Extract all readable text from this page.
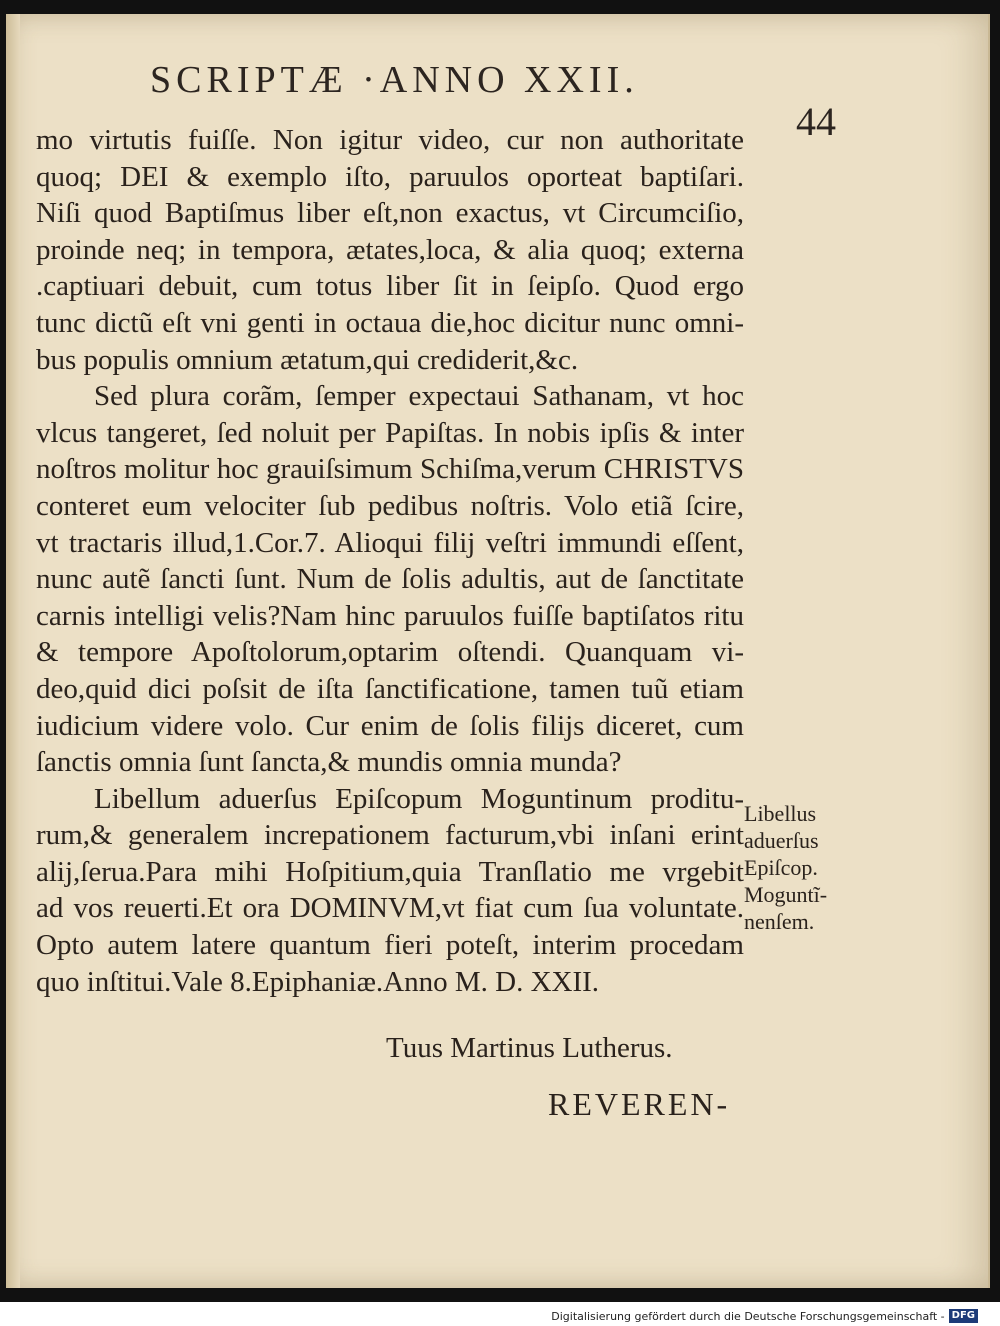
SCRIPTÆ ·ANNO XXII.
44
mo virtutis fuiſſe. Non igitur video, cur non authoritate
quoq; DEI & exemplo iſto, paruulos oporteat baptiſari.
Niſi quod Baptiſmus liber eſt,non exactus, vt Circumciſio,
proinde neq; in tempora, ætates,loca, & alia quoq; externa
.captiuari debuit, cum totus liber ſit in ſeipſo. Quod ergo
tunc dictũ eſt vni genti in octaua die,hoc dicitur nunc omni-
bus populis omnium ætatum,qui crediderit,&c.
Sed plura corãm, ſemper expectaui Sathanam, vt hoc
vlcus tangeret, ſed noluit per Papiſtas. In nobis ipſis & inter
noſtros molitur hoc grauiſsimum Schiſma,verum CHRISTVS
conteret eum velociter ſub pedibus noſtris. Volo etiã ſcire,
vt tractaris illud,1.Cor.7. Alioqui filij veſtri immundi eſſent,
nunc autẽ ſancti ſunt. Num de ſolis adultis, aut de ſanctitate
carnis intelligi velis?Nam hinc paruulos fuiſſe baptiſatos ritu
& tempore Apoſtolorum,optarim oſtendi. Quanquam vi-
deo,quid dici poſsit de iſta ſanctificatione, tamen tuũ etiam
iudicium videre volo. Cur enim de ſolis filijs diceret, cum
ſanctis omnia ſunt ſancta,& mundis omnia munda?
Libellum aduerſus Epiſcopum Moguntinum proditu-
rum,& generalem increpationem facturum,vbi inſani erint
alij,ſerua.Para mihi Hoſpitium,quia Tranſlatio me vrgebit
ad vos reuerti.Et ora DOMINVM,vt fiat cum ſua voluntate.
Opto autem latere quantum fieri poteſt, interim procedam
quo inſtitui.Vale 8.Epiphaniæ.Anno M. D. XXII.
Libellus
aduerſus
Epiſcop.
Moguntĩ-
nenſem.
Tuus Martinus Lutherus.
REVEREN-
Digitalisierung gefördert durch die Deutsche Forschungsgemeinschaft - DFG
